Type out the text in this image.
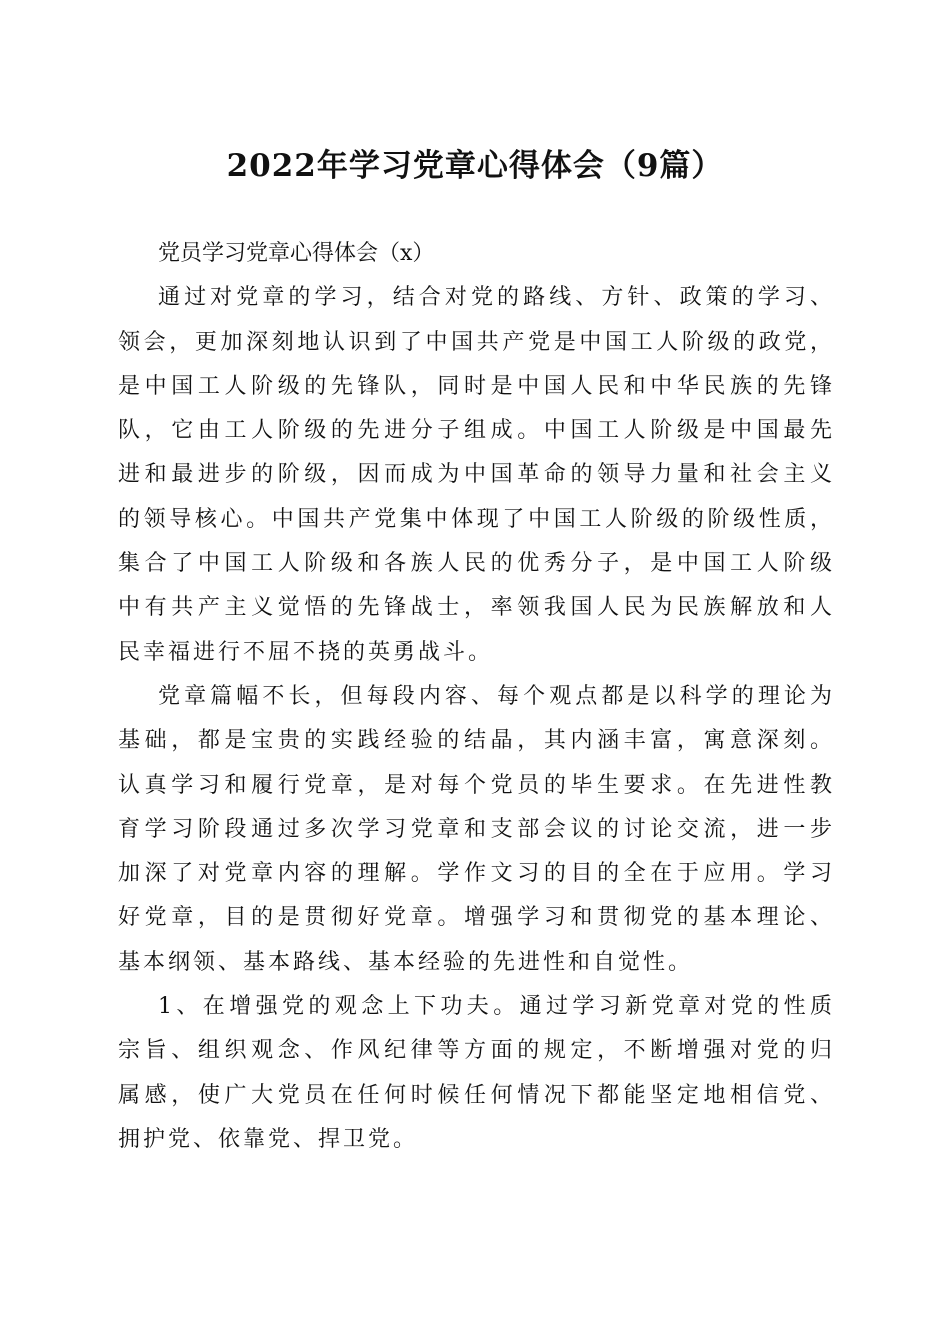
2022年学习党章心得体会（9篇）
党员学习党章心得体会（x）
通过对党章的学习，结合对党的路线、方针、政策的学习、
领会，更加深刻地认识到了中国共产党是中国工人阶级的政党，
是中国工人阶级的先锋队，同时是中国人民和中华民族的先锋
队，它由工人阶级的先进分子组成。中国工人阶级是中国最先
进和最进步的阶级，因而成为中国革命的领导力量和社会主义
的领导核心。中国共产党集中体现了中国工人阶级的阶级性质，
集合了中国工人阶级和各族人民的优秀分子，是中国工人阶级
中有共产主义觉悟的先锋战士，率领我国人民为民族解放和人
民幸福进行不屈不挠的英勇战斗。
党章篇幅不长，但每段内容、每个观点都是以科学的理论为
基础，都是宝贵的实践经验的结晶，其内涵丰富，寓意深刻。
认真学习和履行党章，是对每个党员的毕生要求。在先进性教
育学习阶段通过多次学习党章和支部会议的讨论交流，进一步
加深了对党章内容的理解。学作文习的目的全在于应用。学习
好党章，目的是贯彻好党章。增强学习和贯彻党的基本理论、
基本纲领、基本路线、基本经验的先进性和自觉性。
1、在增强党的观念上下功夫。通过学习新党章对党的性质
宗旨、组织观念、作风纪律等方面的规定，不断增强对党的归
属感，使广大党员在任何时候任何情况下都能坚定地相信党、
拥护党、依靠党、捍卫党。
